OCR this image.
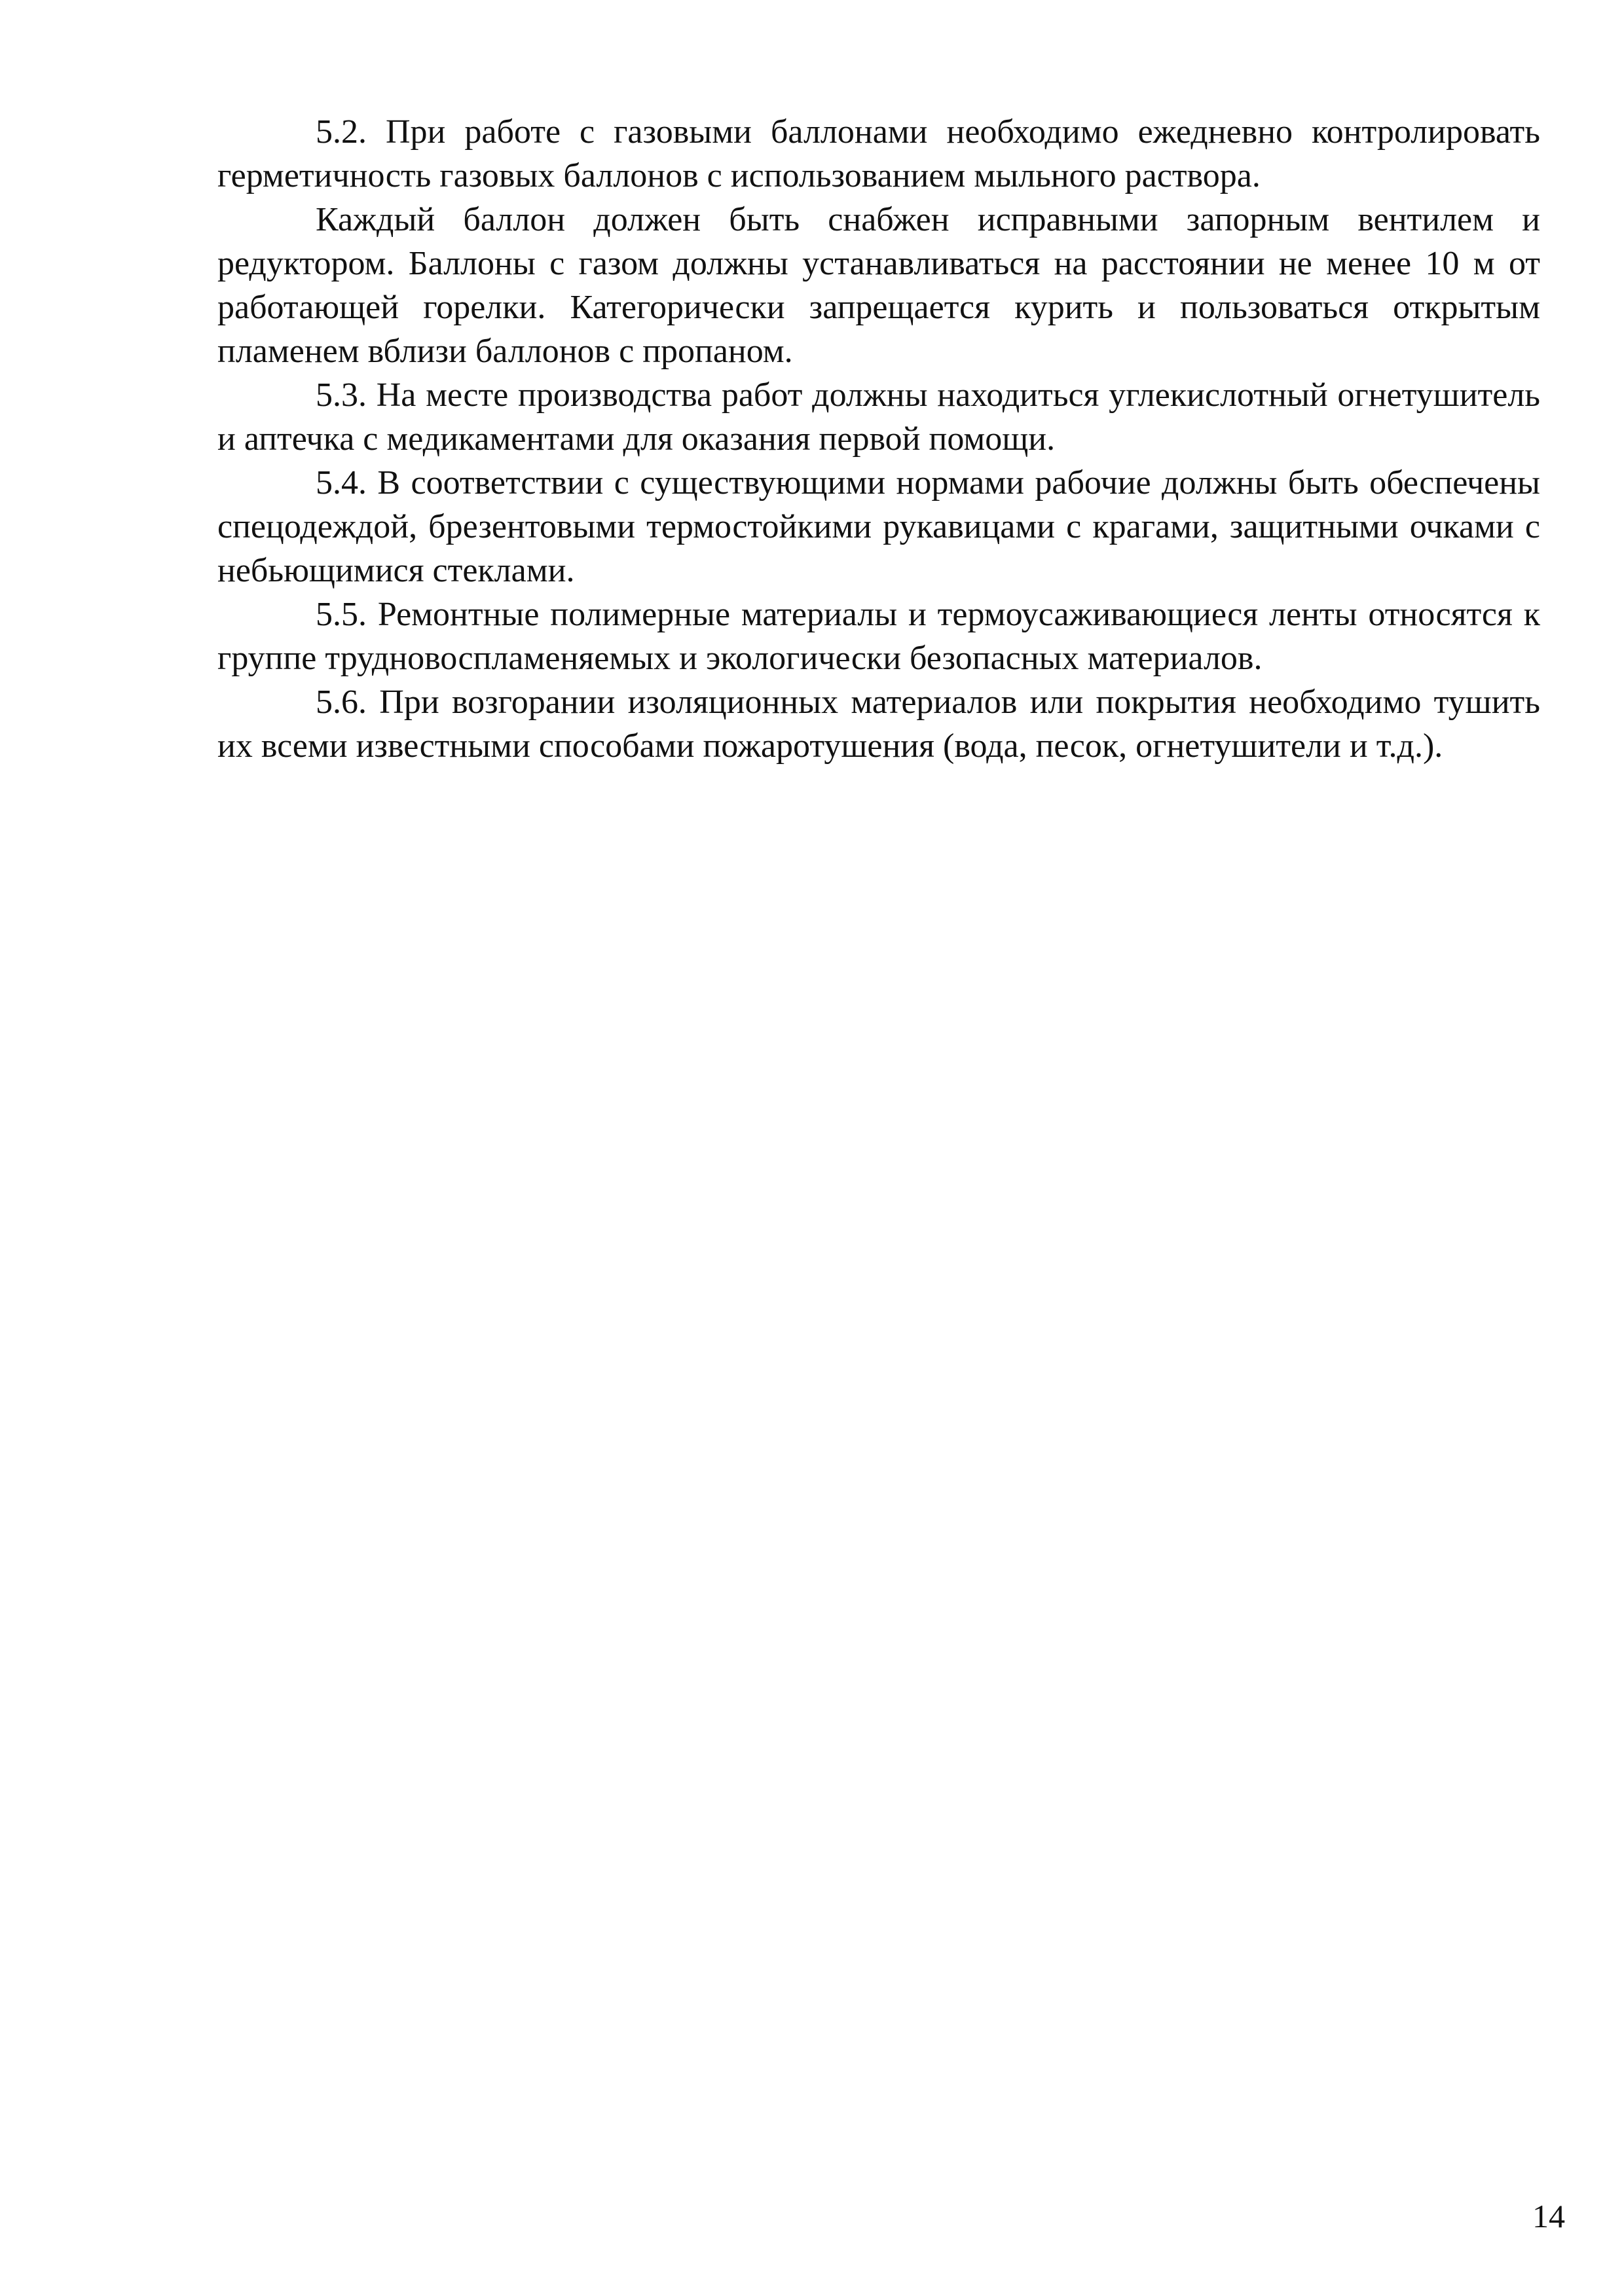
5.2. При работе с газовыми баллонами необходимо ежедневно контролировать герметичность газовых баллонов с использованием мыльного раствора.

Каждый баллон должен быть снабжен исправными запорным вентилем и редуктором. Баллоны с газом должны устанавливаться на расстоянии не менее 10 м от работающей горелки. Категорически запрещается курить и пользоваться открытым пламенем вблизи баллонов с пропаном.

5.3. На месте производства работ должны находиться углекислотный огнетушитель и аптечка с медикаментами для оказания первой помощи.

5.4. В соответствии с существующими нормами рабочие должны быть обеспечены спецодеждой, брезентовыми термостойкими рукавицами с крагами, защитными очками с небьющимися стеклами.

5.5. Ремонтные полимерные материалы и термоусаживающиеся ленты относятся к группе трудновоспламеняемых и экологически безопасных материалов.

5.6. При возгорании изоляционных материалов или покрытия необходимо тушить их всеми известными способами пожаротушения (вода, песок, огнетушители и т.д.).

14
